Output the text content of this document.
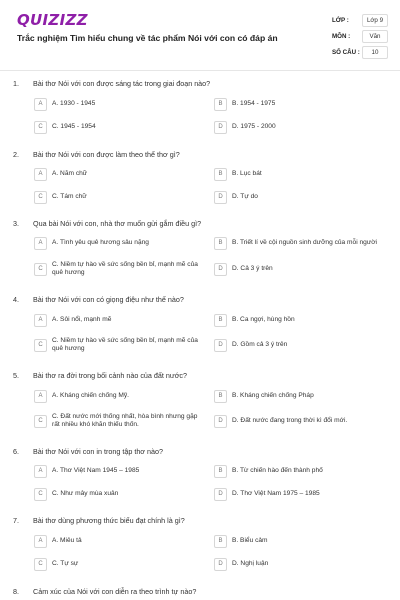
QUIZIZZ
Trắc nghiệm Tìm hiểu chung về tác phẩm Nói với con có đáp án
LỚP :	Lớp 9
MÔN :	Văn
SỐ CÂU :	10
A	A. 1930 - 1945	B	B. 1954 - 1975
C	C. 1945 - 1954	D	D. 1975 - 2000
1. Bài thơ Nói với con được sáng tác trong giai đoạn nào?
2. Bài thơ Nói với con được làm theo thể thơ gì?
A	A. Năm chữ	B	B. Lục bát
C	C. Tám chữ	D	D. Tự do
3. Qua bài Nói với con, nhà thơ muốn gửi gắm điều gì?
A	A. Tình yêu quê hương sâu nặng	B	B. Triết lí về cội nguồn sinh dưỡng của mỗi người
C
C. Niềm tự hào về sức sống bền bỉ, mạnh mẽ của quê hương
D	D. Cả 3 ý trên
4. Bài thơ Nói với con có giọng điệu như thế nào?
A	A. Sôi nổi, mạnh mẽ	B	B. Ca ngợi, hùng hồn
C
C. Niềm tự hào về sức sống bền bỉ, mạnh mẽ của quê hương
D	D. Gồm cả 3 ý trên
5. Bài thơ ra đời trong bối cảnh nào của đất nước?
A	A. Kháng chiến chống Mỹ.	B	B. Kháng chiến chống Pháp
C
C. Đất nước mới thống nhất, hòa bình nhưng gặp rất nhiều khó khăn thiếu thốn.
D	D. Đất nước đang trong thời kì đổi mới.
6. Bài thơ Nói với con in trong tập thơ nào?
A	A. Thơ Việt Nam 1945 – 1985	B	B. Từ chiến hào đến thành phố
C	C. Như mây mùa xuân	D	D. Thơ Việt Nam 1975 – 1985
7. Bài thơ dùng phương thức biểu đạt chính là gì?
A	A. Miêu tả	B	B. Biểu cảm
C	C. Tự sự	D	D. Nghị luận
8. Cảm xúc của Nói với con diễn ra theo trình tự nào?
